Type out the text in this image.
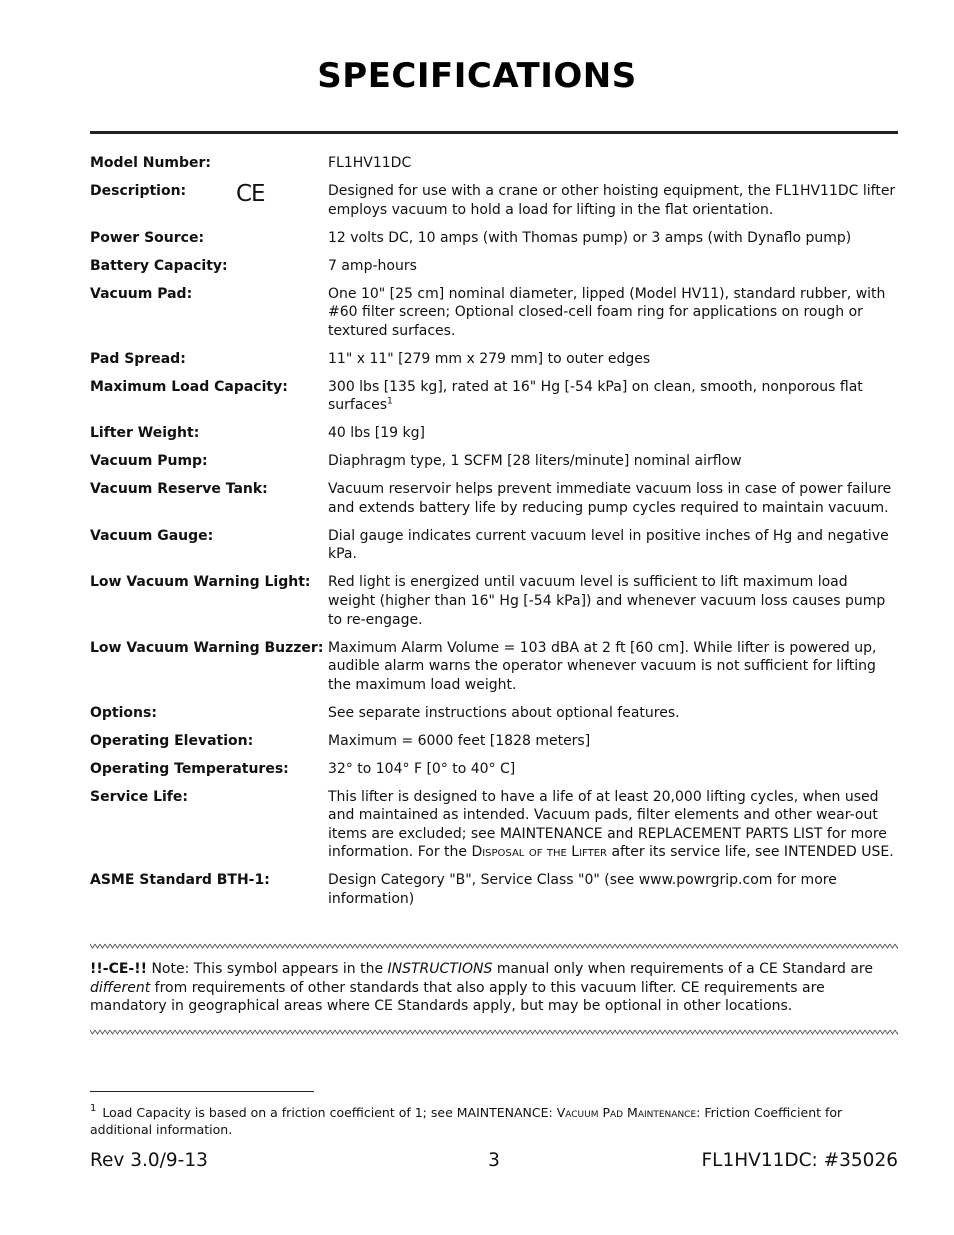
SPECIFICATIONS
Model Number:	FL1HV11DC
Description: CE	Designed for use with a crane or other hoisting equipment, the FL1HV11DC lifter employs vacuum to hold a load for lifting in the flat orientation.
Power Source:	12 volts DC, 10 amps (with Thomas pump) or 3 amps (with Dynaflo pump)
Battery Capacity:	7 amp-hours
Vacuum Pad:	One 10" [25 cm] nominal diameter, lipped (Model HV11), standard rubber, with #60 filter screen; Optional closed-cell foam ring for applications on rough or textured surfaces.
Pad Spread:	11" x 11" [279 mm x 279 mm] to outer edges
Maximum Load Capacity:	300 lbs [135 kg], rated at 16" Hg [-54 kPa] on clean, smooth, nonporous flat surfaces$^1$
Lifter Weight:	40 lbs [19 kg]
Vacuum Pump:	Diaphragm type, 1 SCFM [28 liters/minute] nominal airflow
Vacuum Reserve Tank:	Vacuum reservoir helps prevent immediate vacuum loss in case of power failure and extends battery life by reducing pump cycles required to maintain vacuum.
Vacuum Gauge:	Dial gauge indicates current vacuum level in positive inches of Hg and negative kPa.
Low Vacuum Warning Light:	Red light is energized until vacuum level is sufficient to lift maximum load weight (higher than 16" Hg [-54 kPa]) and whenever vacuum loss causes pump to re-engage.
Low Vacuum Warning Buzzer: Maximum Alarm Volume = 103 dBA at 2 ft [60 cm]. While lifter is powered up, audible alarm warns the operator whenever vacuum is not sufficient for lifting the maximum load weight.
Options:	See separate instructions about optional features.
Operating Elevation:	Maximum = 6000 feet [1828 meters]
Operating Temperatures:	32° to 104° F [0° to 40° C]
Service Life:	This lifter is designed to have a life of at least 20,000 lifting cycles, when used and maintained as intended. Vacuum pads, filter elements and other wear-out items are excluded; see MAINTENANCE and REPLACEMENT PARTS LIST for more information. For the Disposal of the Lifter after its service life, see INTENDED USE.
ASME Standard BTH-1:	Design Category "B", Service Class "0" (see www.powrgrip.com for more information)
!!-CE-!! Note: This symbol appears in the INSTRUCTIONS manual only when requirements of a CE Standard are different from requirements of other standards that also apply to this vacuum lifter. CE requirements are mandatory in geographical areas where CE Standards apply, but may be optional in other locations.
$^1$ Load Capacity is based on a friction coefficient of 1; see MAINTENANCE: Vacuum Pad Maintenance: Friction Coefficient for additional information.
Rev 3.0/9-13	3	FL1HV11DC: #35026
